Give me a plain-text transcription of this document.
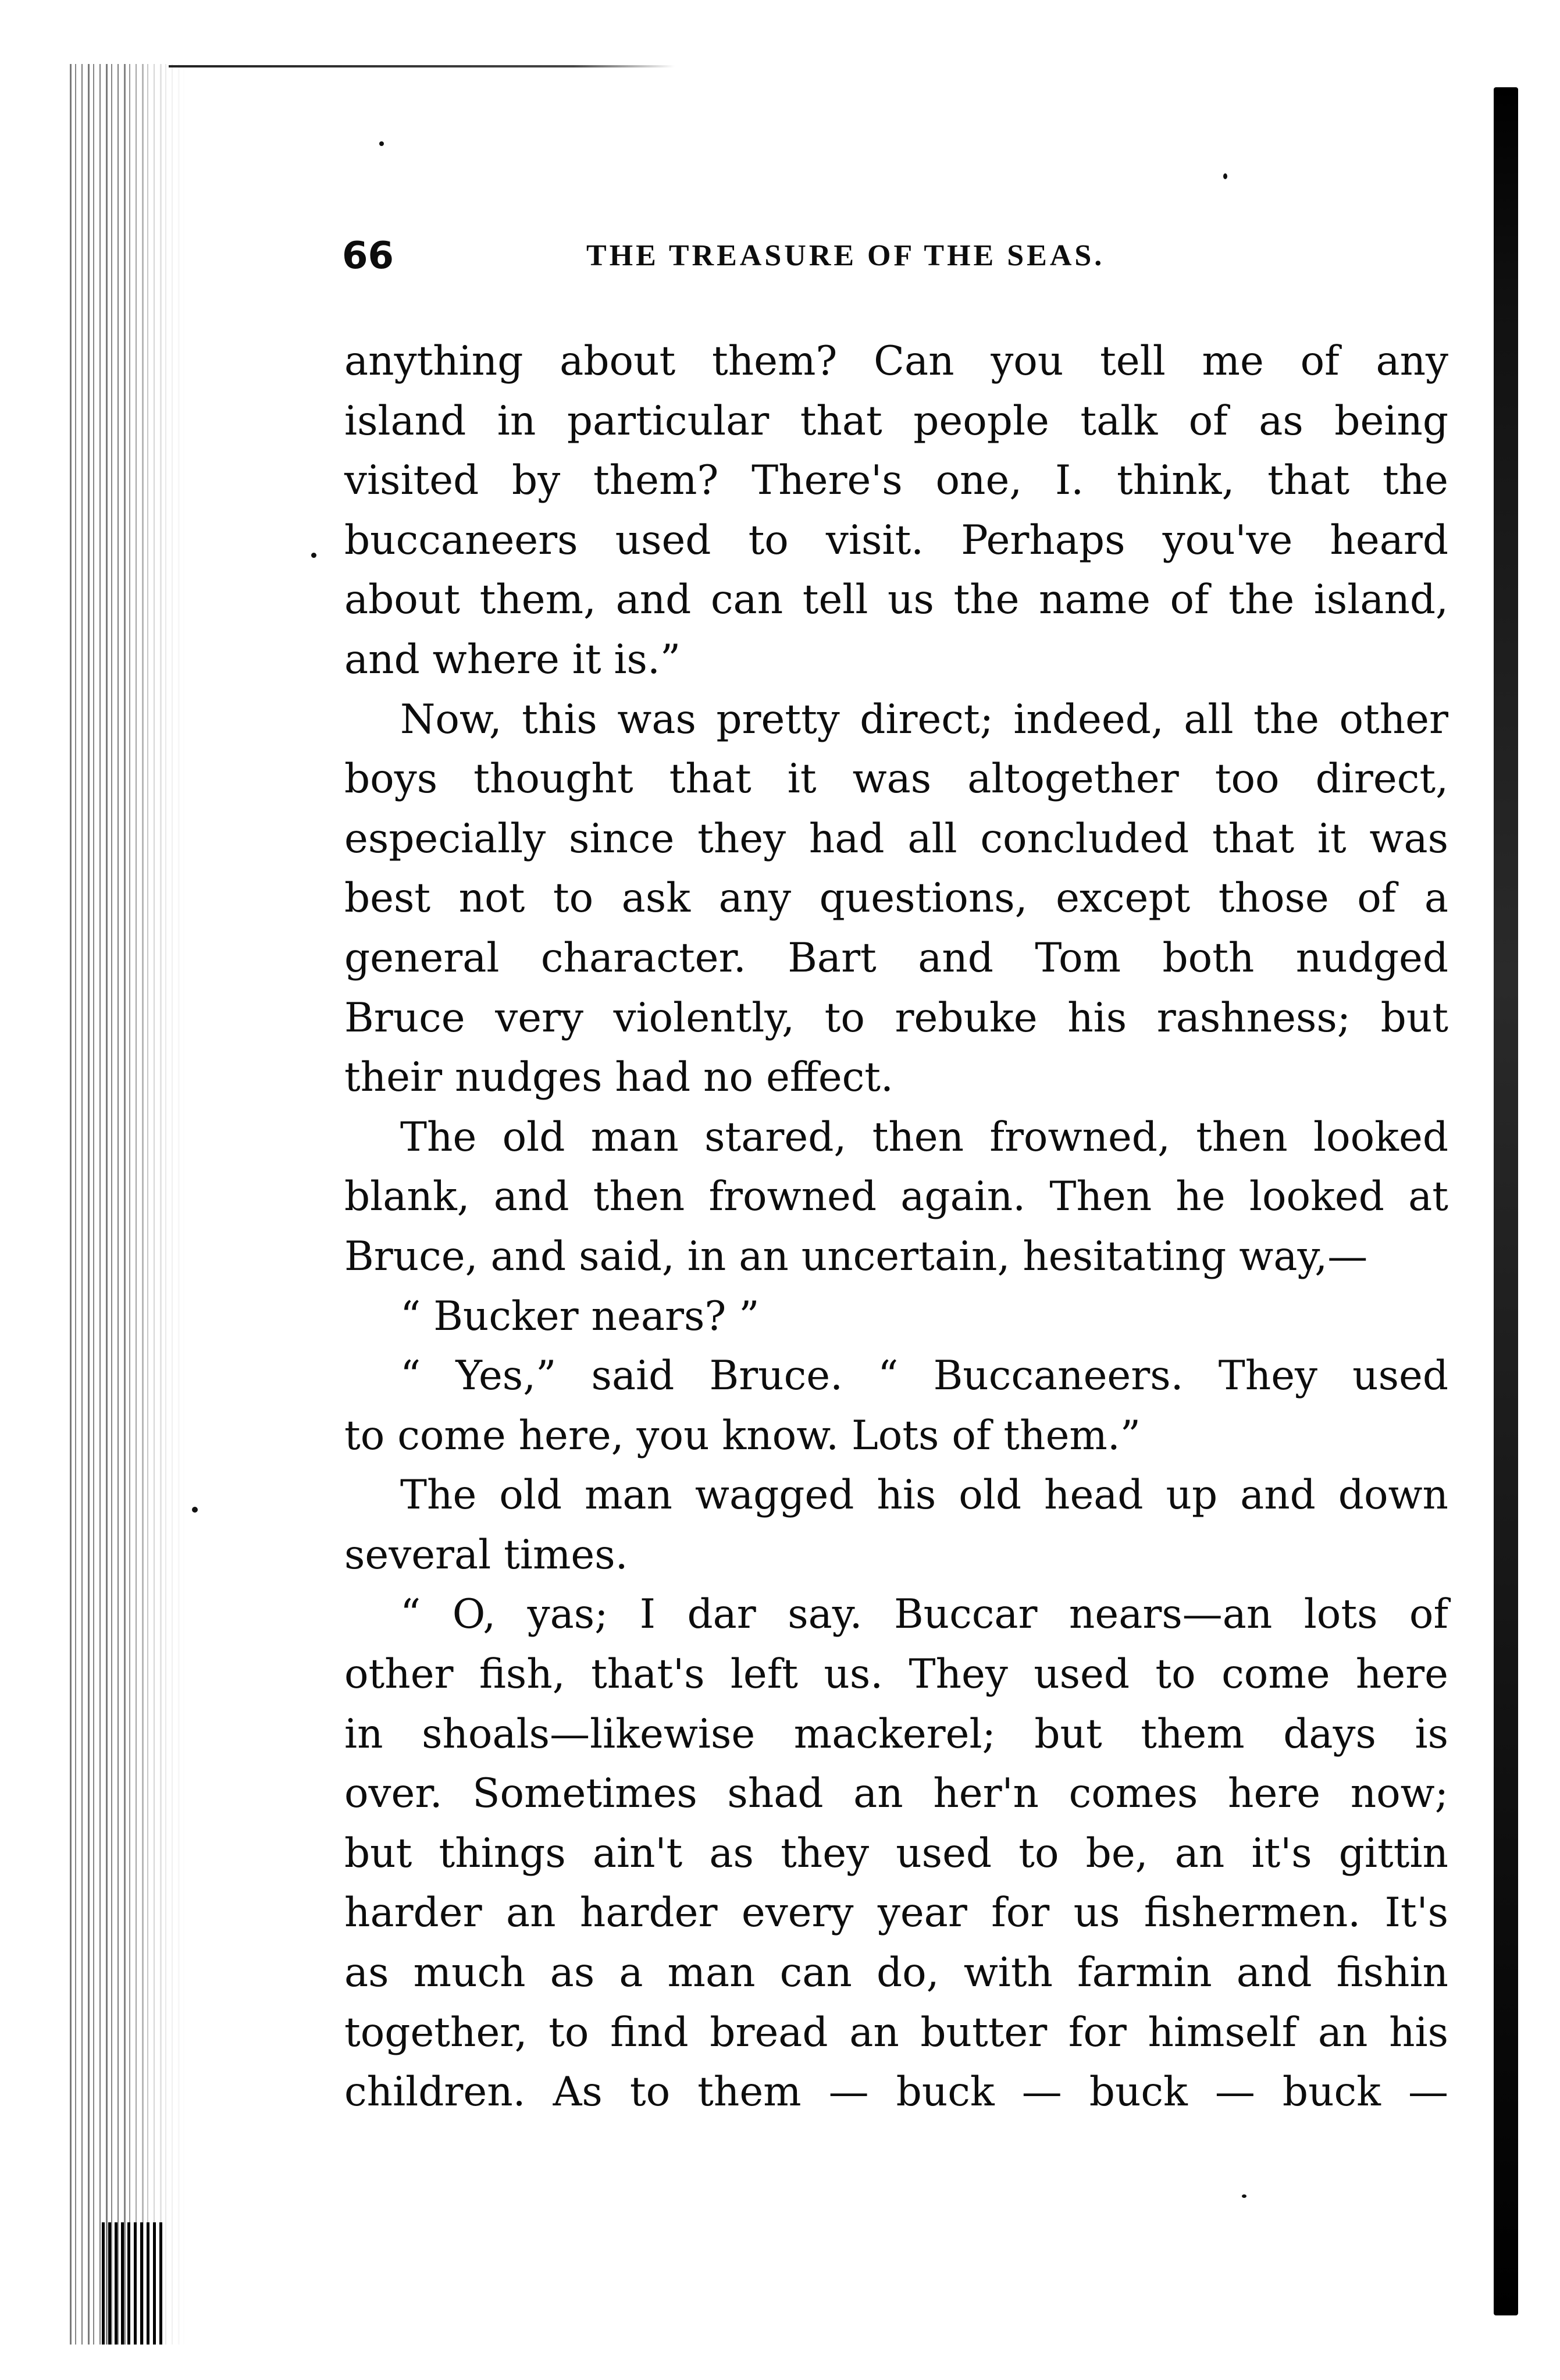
66	THE TREASURE OF THE SEAS.
anything about them? Can you tell me of any
island in particular that people talk of as being
visited by them? There's one, I. think, that the
buccaneers used to visit. Perhaps you've heard
about them, and can tell us the name of the island,
and where it is.”
Now, this was pretty direct; indeed, all the other
boys thought that it was altogether too direct,
especially since they had all concluded that it was
best not to ask any questions, except those of a
general character. Bart and Tom both nudged
Bruce very violently, to rebuke his rashness; but
their nudges had no effect.
The old man stared, then frowned, then looked
blank, and then frowned again. Then he looked at
Bruce, and said, in an uncertain, hesitating way,—
“ Bucker nears? ”
“ Yes,” said Bruce. “ Buccaneers. They used
to come here, you know. Lots of them.”
The old man wagged his old head up and down
several times.
“ O, yas; I dar say. Buccar nears—an lots of
other fish, that's left us. They used to come here
in shoals—likewise mackerel; but them days is
over. Sometimes shad an her'n comes here now;
but things ain't as they used to be, an it's gittin
harder an harder every year for us fishermen. It's
as much as a man can do, with farmin and fishin
together, to find bread an butter for himself an his
children. As to them — buck — buck — buck —
